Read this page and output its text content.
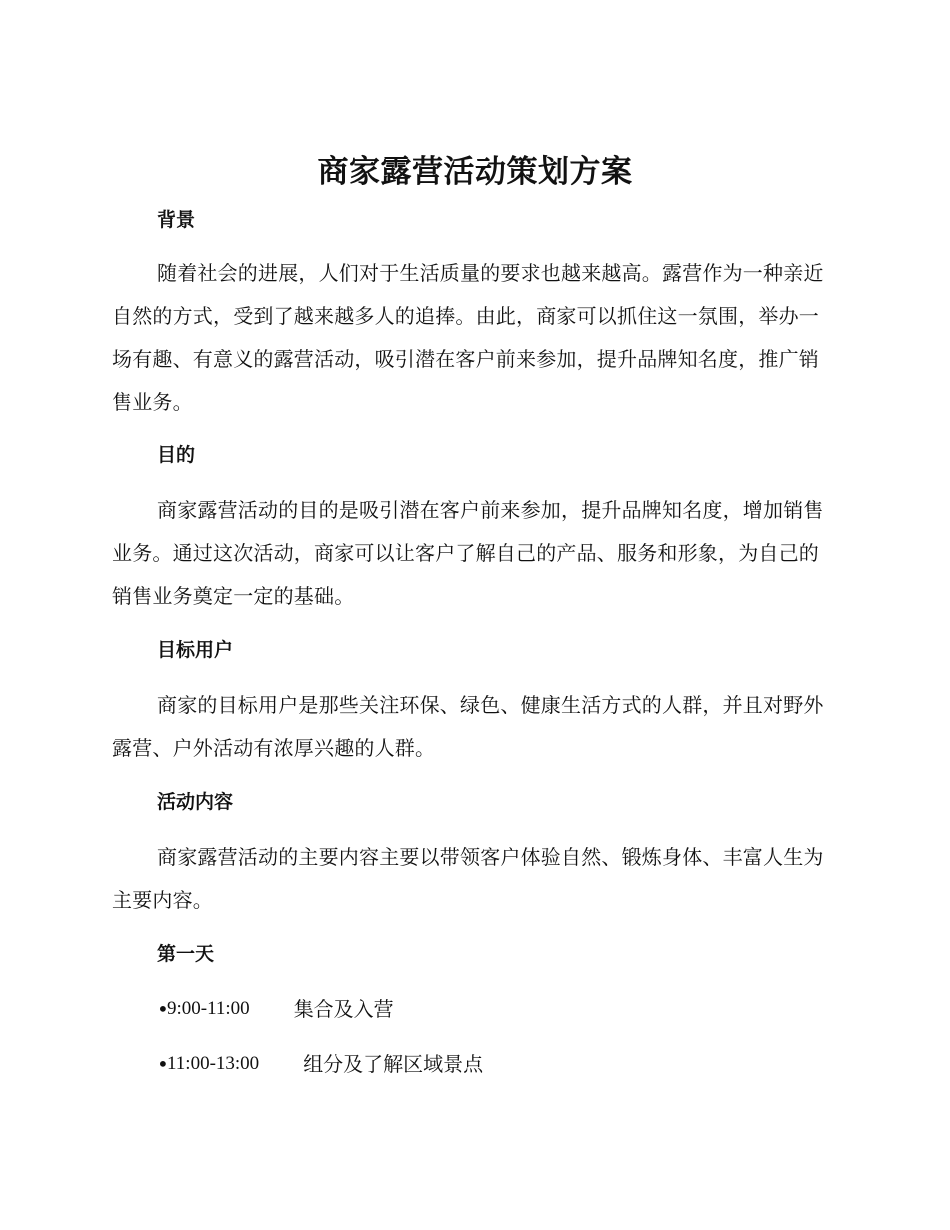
商家露营活动策划方案
背景

随着社会的进展，人们对于生活质量的要求也越来越高。露营作为一种亲近自然的方式，受到了越来越多人的追捧。由此，商家可以抓住这一氛围，举办一场有趣、有意义的露营活动，吸引潜在客户前来参加，提升品牌知名度，推广销售业务。

目的

商家露营活动的目的是吸引潜在客户前来参加，提升品牌知名度，增加销售业务。通过这次活动，商家可以让客户了解自己的产品、服务和形象，为自己的销售业务奠定一定的基础。

目标用户

商家的目标用户是那些关注环保、绿色、健康生活方式的人群，并且对野外露营、户外活动有浓厚兴趣的人群。

活动内容

商家露营活动的主要内容主要以带领客户体验自然、锻炼身体、丰富人生为主要内容。

第一天
•
9:00-11:00 集合及入营
•
11:00-13:00 组分及了解区域景点
